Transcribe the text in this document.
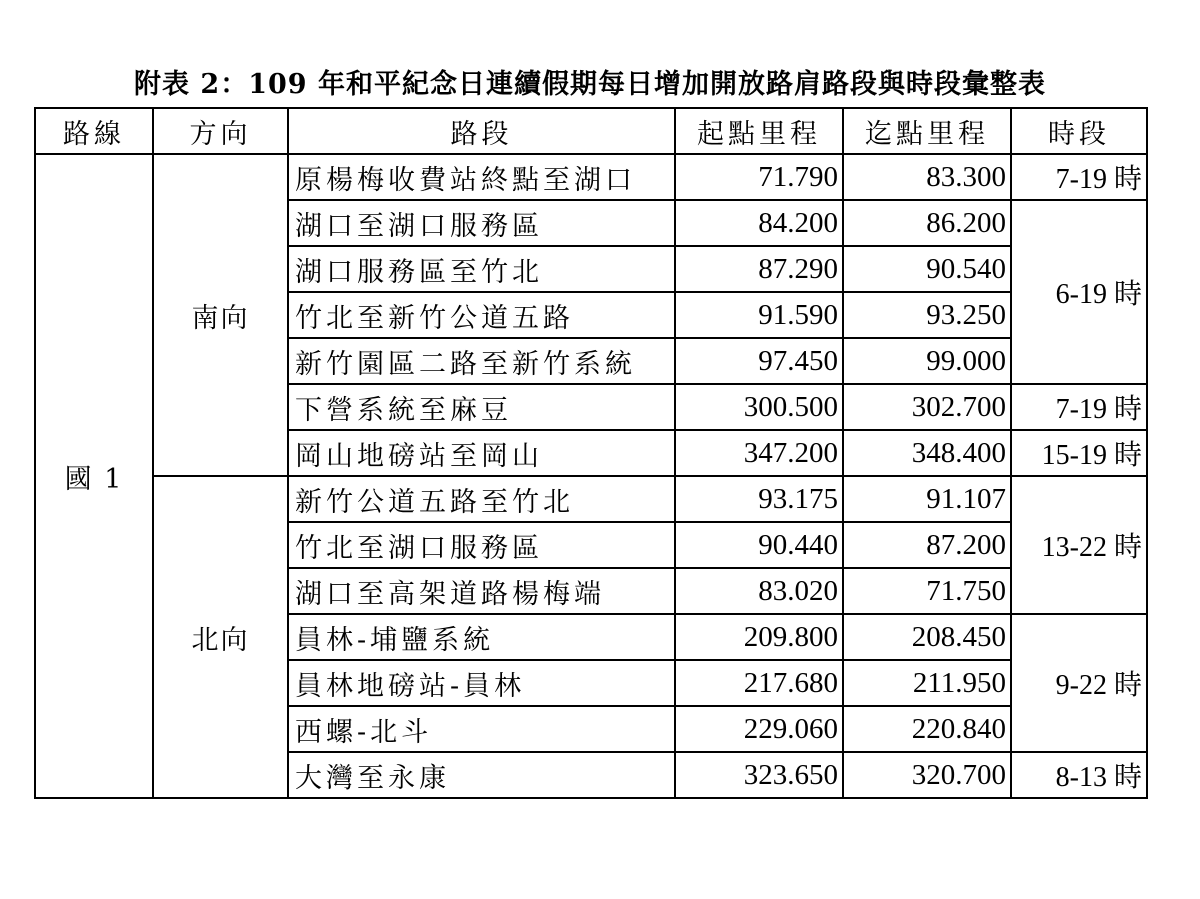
附表 2：109 年和平紀念日連續假期每日增加開放路肩路段與時段彙整表
路線	方向	路段	起點里程	迄點里程	時段
國 1	南向	原楊梅收費站終點至湖口	71.790	83.300	7-19 時
		湖口至湖口服務區	84.200	86.200	6-19 時
		湖口服務區至竹北	87.290	90.540	
		竹北至新竹公道五路	91.590	93.250	
		新竹園區二路至新竹系統	97.450	99.000	
		下營系統至麻豆	300.500	302.700	7-19 時
		岡山地磅站至岡山	347.200	348.400	15-19 時
	北向	新竹公道五路至竹北	93.175	91.107	13-22 時
		竹北至湖口服務區	90.440	87.200	
		湖口至高架道路楊梅端	83.020	71.750	
		員林-埔鹽系統	209.800	208.450	9-22 時
		員林地磅站-員林	217.680	211.950	
		西螺-北斗	229.060	220.840	
		大灣至永康	323.650	320.700	8-13 時
